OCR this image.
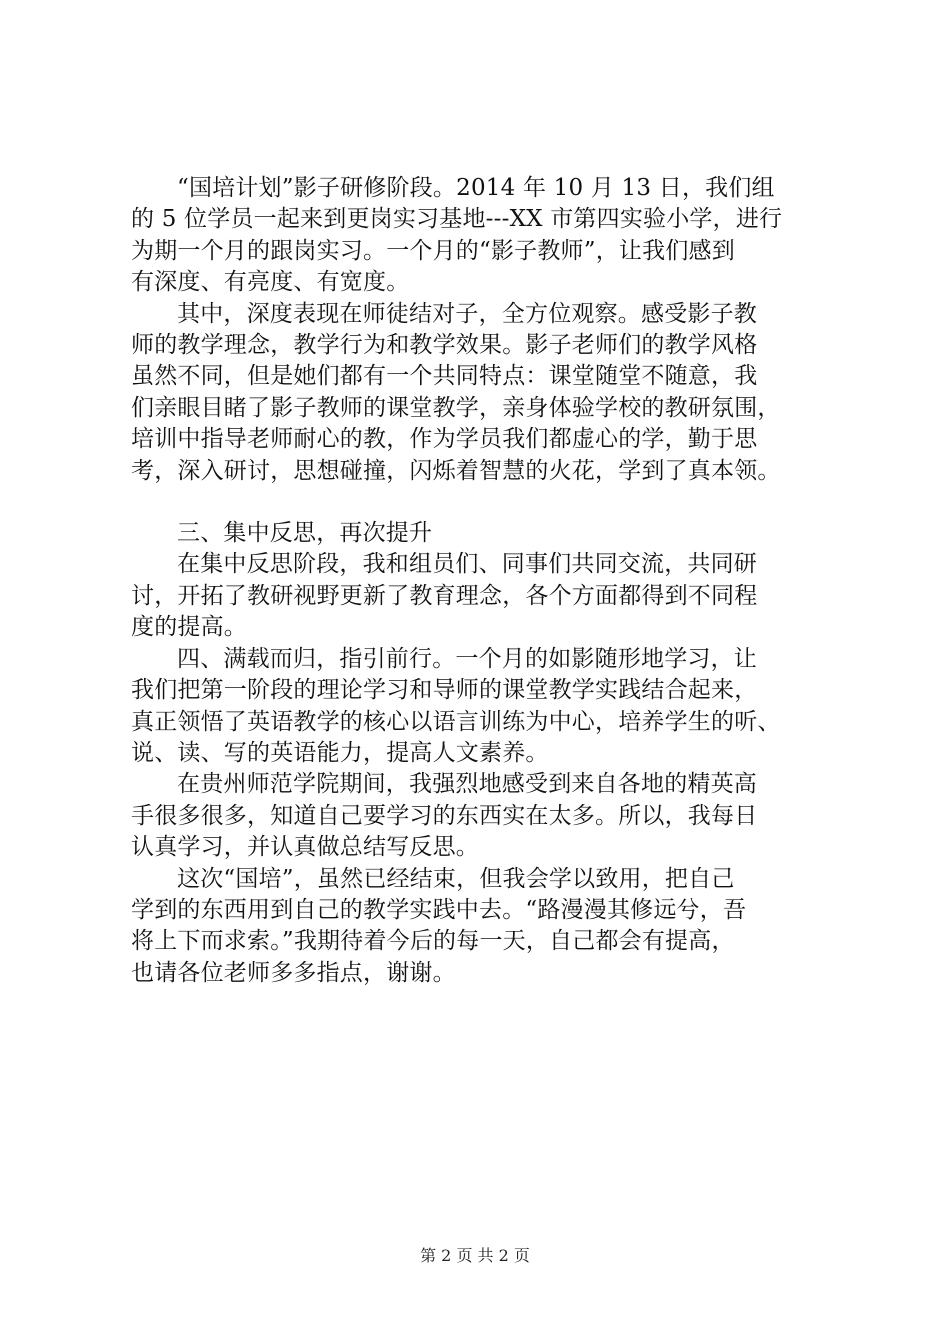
“国培计划”影子研修阶段。2014 年 10 月 13 日，我们组
的 5 位学员一起来到更岗实习基地---XX 市第四实验小学，进行
为期一个月的跟岗实习。一个月的“影子教师”，让我们感到
有深度、有亮度、有宽度。
其中，深度表现在师徒结对子，全方位观察。感受影子教
师的教学理念，教学行为和教学效果。影子老师们的教学风格
虽然不同，但是她们都有一个共同特点：课堂随堂不随意，我
们亲眼目睹了影子教师的课堂教学，亲身体验学校的教研氛围，
培训中指导老师耐心的教，作为学员我们都虚心的学，勤于思
考，深入研讨，思想碰撞，闪烁着智慧的火花，学到了真本领。
三、集中反思，再次提升
在集中反思阶段，我和组员们、同事们共同交流，共同研
讨，开拓了教研视野更新了教育理念，各个方面都得到不同程
度的提高。
四、满载而归，指引前行。一个月的如影随形地学习，让
我们把第一阶段的理论学习和导师的课堂教学实践结合起来，
真正领悟了英语教学的核心以语言训练为中心，培养学生的听、
说、读、写的英语能力，提高人文素养。
在贵州师范学院期间，我强烈地感受到来自各地的精英高
手很多很多，知道自己要学习的东西实在太多。所以，我每日
认真学习，并认真做总结写反思。
这次“国培”，虽然已经结束，但我会学以致用，把自己
学到的东西用到自己的教学实践中去。“路漫漫其修远兮，吾
将上下而求索。”我期待着今后的每一天，自己都会有提高，
也请各位老师多多指点，谢谢。
第 2 页 共 2 页
